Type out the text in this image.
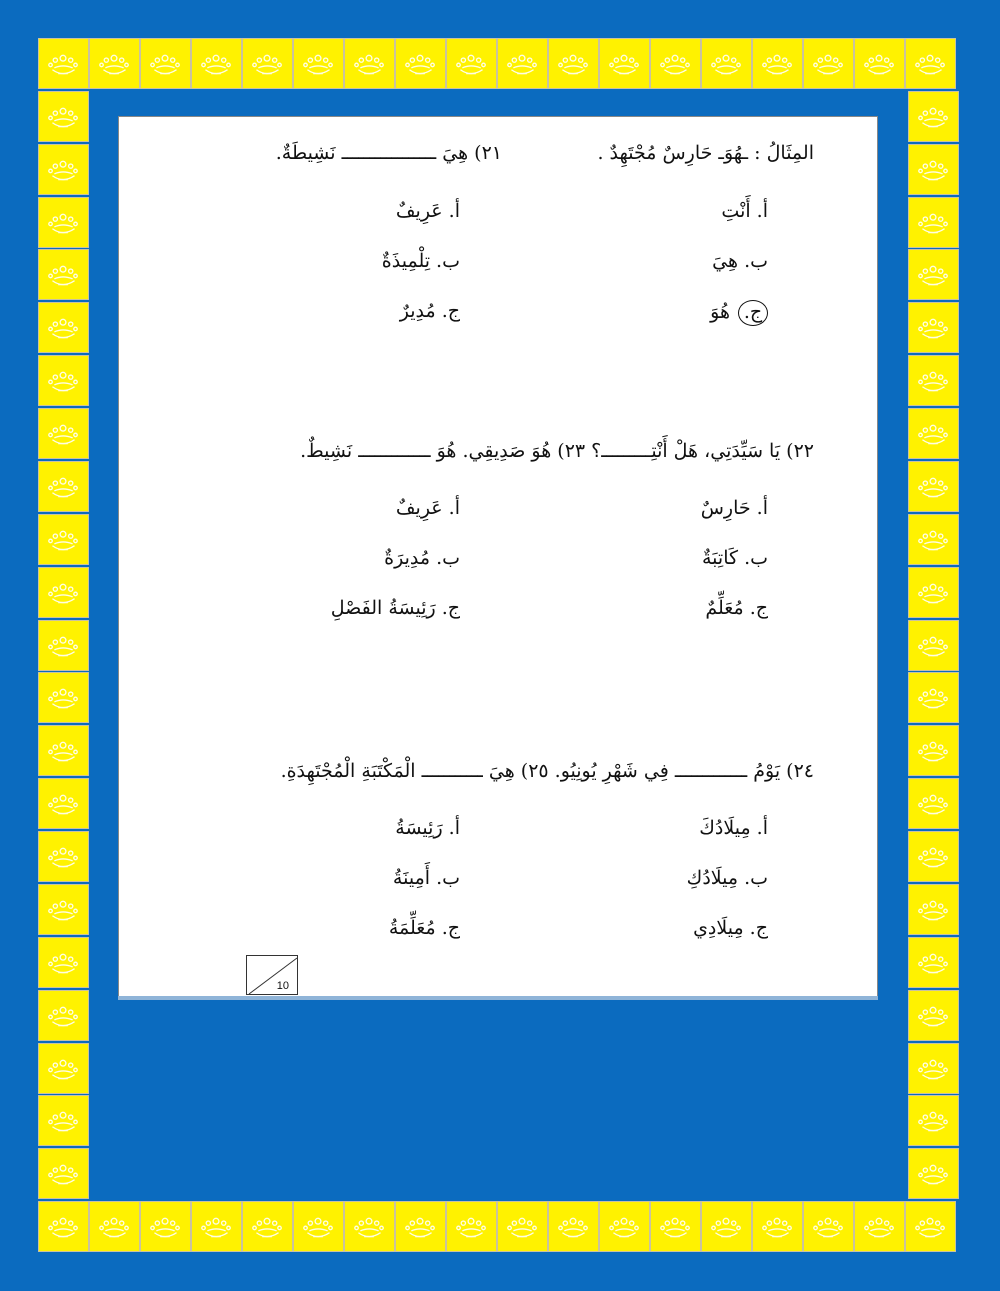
المِثَالُ : ـهُوَـ حَارِسٌ مُجْتَهِدٌ .
٢١) هِيَ ـــــــــــــــــ نَشِيطَةٌ.
أ. أَنْتِ
ب. هِيَ
ج.هُوَ
أ. عَرِيفٌ
ب. تِلْمِيذَةٌ
ج. مُدِيرٌ
٢٢) يَا سَيِّدَتِي، هَلْ أَنْتِـــــــــ؟ ٢٣) هُوَ صَدِيقِي. هُوَ ـــــــــــــ نَشِيطٌ.
أ. حَارِسٌ
ب. كَاتِبَةٌ
ج. مُعَلِّمٌ
أ. عَرِيفٌ
ب. مُدِيرَةٌ
ج. رَئِيسَةُ الفَصْلِ
٢٤) يَوْمُ ـــــــــــــ فِي شَهْرِ يُونِيُو. ٢٥) هِيَ ـــــــــــ الْمَكْتَبَةِ الْمُجْتَهِدَةِ.
أ. مِيلَادُكَ
ب. مِيلَادُكِ
ج. مِيلَادِي
أ. رَئِيسَةُ
ب. أَمِينَةُ
ج. مُعَلِّمَةُ
10
